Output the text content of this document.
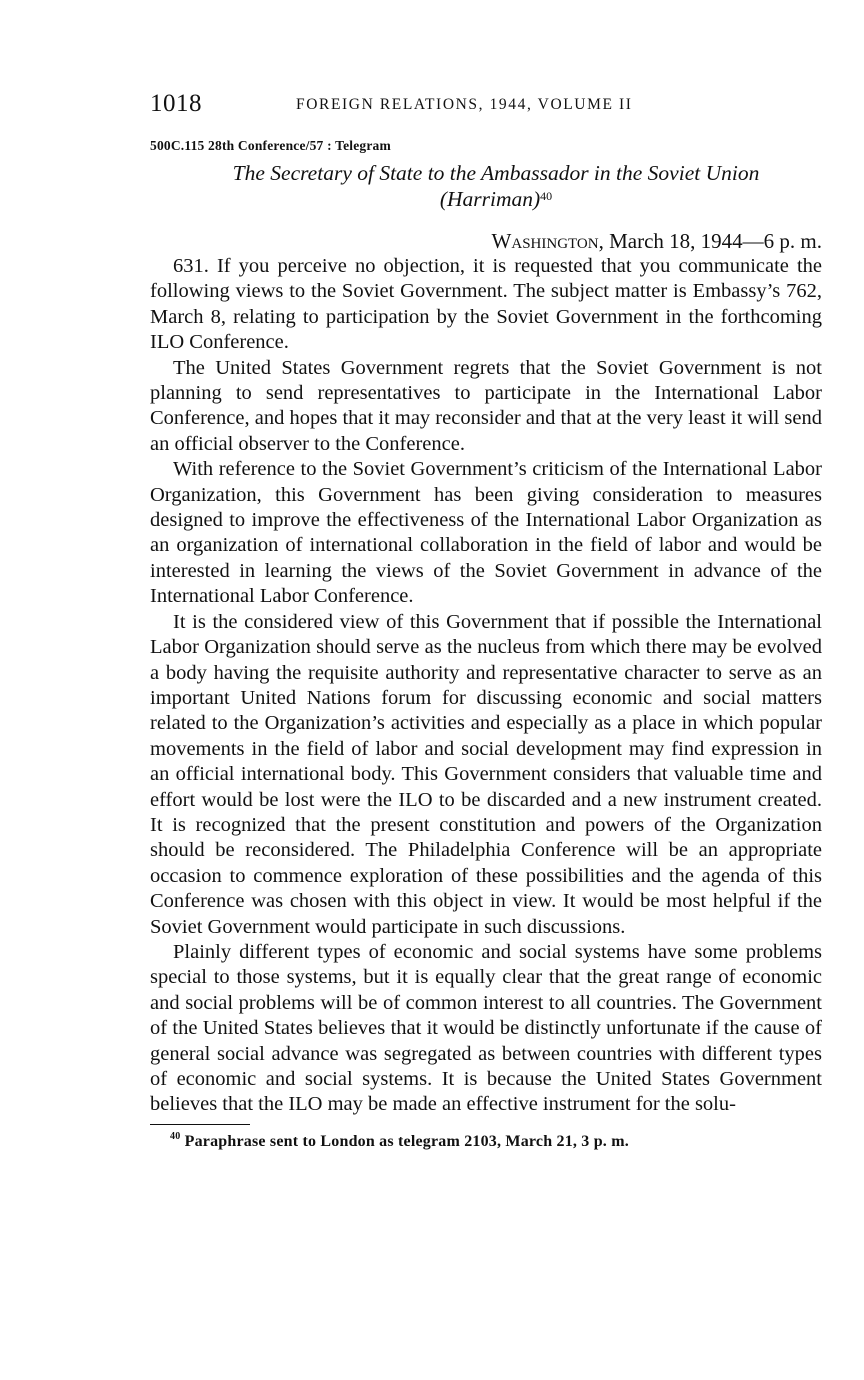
1018	FOREIGN RELATIONS, 1944, VOLUME II
500C.115 28th Conference/57 : Telegram
The Secretary of State to the Ambassador in the Soviet Union
(Harriman)$^{40}$
Washington, March 18, 1944—6 p. m.

631. If you perceive no objection, it is requested that you communicate the following views to the Soviet Government. The subject matter is Embassy’s 762, March 8, relating to participation by the Soviet Government in the forthcoming ILO Conference.

The United States Government regrets that the Soviet Government is not planning to send representatives to participate in the International Labor Conference, and hopes that it may reconsider and that at the very least it will send an official observer to the Conference.

With reference to the Soviet Government’s criticism of the International Labor Organization, this Government has been giving consideration to measures designed to improve the effectiveness of the International Labor Organization as an organization of international collaboration in the field of labor and would be interested in learning the views of the Soviet Government in advance of the International Labor Conference.

It is the considered view of this Government that if possible the International Labor Organization should serve as the nucleus from which there may be evolved a body having the requisite authority and representative character to serve as an important United Nations forum for discussing economic and social matters related to the Organization’s activities and especially as a place in which popular movements in the field of labor and social development may find expression in an official international body. This Government considers that valuable time and effort would be lost were the ILO to be discarded and a new instrument created. It is recognized that the present constitution and powers of the Organization should be reconsidered. The Philadelphia Conference will be an appropriate occasion to commence exploration of these possibilities and the agenda of this Conference was chosen with this object in view. It would be most helpful if the Soviet Government would participate in such discussions.

Plainly different types of economic and social systems have some problems special to those systems, but it is equally clear that the great range of economic and social problems will be of common interest to all countries. The Government of the United States believes that it would be distinctly unfortunate if the cause of general social advance was segregated as between countries with different types of economic and social systems. It is because the United States Government believes that the ILO may be made an effective instrument for the solu-

$^{40}$ Paraphrase sent to London as telegram 2103, March 21, 3 p. m.
